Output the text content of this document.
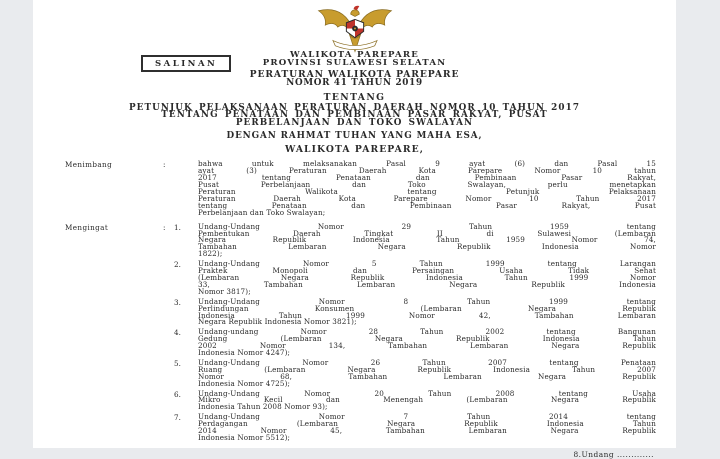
SALINAN
WALIKOTA PAREPARE
PROVINSI SULAWESI SELATAN
PERATURAN WALIKOTA PAREPARE
NOMOR 41 TAHUN 2019
TENTANG
PETUNJUK PELAKSANAAN PERATURAN DAERAH NOMOR 10 TAHUN 2017
TENTANG PENATAAN DAN PEMBINAAN PASAR RAKYAT, PUSAT
PERBELANJAAN DAN TOKO SWALAYAN
DENGAN RAHMAT TUHAN YANG MAHA ESA,
WALIKOTA PAREPARE,
Menimbang	:	bahwa untuk melaksanakan Pasal 9 ayat (6) dan Pasal 15
ayat (3) Peraturan Daerah Kota Parepare Nomor 10 tahun
2017 tentang Penataan dan Pembinaan Pasar Rakyat,
Pusat Perbelanjaan dan Toko Swalayan, perlu menetapkan
Peraturan Walikota tentang Petunjuk Pelaksanaan
Peraturan Daerah Kota Parepare Nomor 10 Tahun 2017
tentang Penataan dan Pembinaan Pasar Rakyat, Pusat
Perbelanjaan dan Toko Swalayan;
Mengingat	:	1.	Undang-Undang Nomor 29 Tahun 1959 tentang
Pembentukan Daerah Tingkat II di Sulawesi (Lembaran
Negara Republik Indonesia Tahun 1959 Nomor 74,
Tambahan Lembaran Negara Republik Indonesia Nomor
1822);
2.	Undang-Undang Nomor 5 Tahun 1999 tentang Larangan
Praktek Monopoli dan Persaingan Usaha Tidak Sehat
(Lembaran Negara Republik Indonesia Tahun 1999 Nomor
33, Tambahan Lembaran Negara Republik Indonesia
Nomor 3817);
3.	Undang-Undang Nomor 8 Tahun 1999 tentang
Perlindungan Konsumen (Lembaran Negara Republik
Indonesia Tahun 1999 Nomor 42, Tambahan Lembaran
Negara Republik Indonesia Nomor 3821);
4.	Undang-undang Nomor 28 Tahun 2002 tentang Bangunan
Gedung (Lembaran Negara Republik Indonesia Tahun
2002 Nomor 134, Tambahan Lembaran Negara Republik
Indonesia Nomor 4247);
5.	Undang-Undang Nomor 26 Tahun 2007 tentang Penataan
Ruang (Lembaran Negara Republik Indonesia Tahun 2007
Nomor 68, Tambahan Lembaran Negara Republik
Indonesia Nomor 4725);
6.	Undang-Undang Nomor 20 Tahun 2008 tentang Usaha
Mikro Kecil dan Menengah (Lembaran Negara Republik
Indonesia Tahun 2008 Nomor 93);
7.	Undang-Undang Nomor 7 Tahun 2014 tentang
Perdagangan (Lembaran Negara Republik Indonesia Tahun
2014 Nomor 45, Tambahan Lembaran Negara Republik
Indonesia Nomor 5512);
8.Undang .............
